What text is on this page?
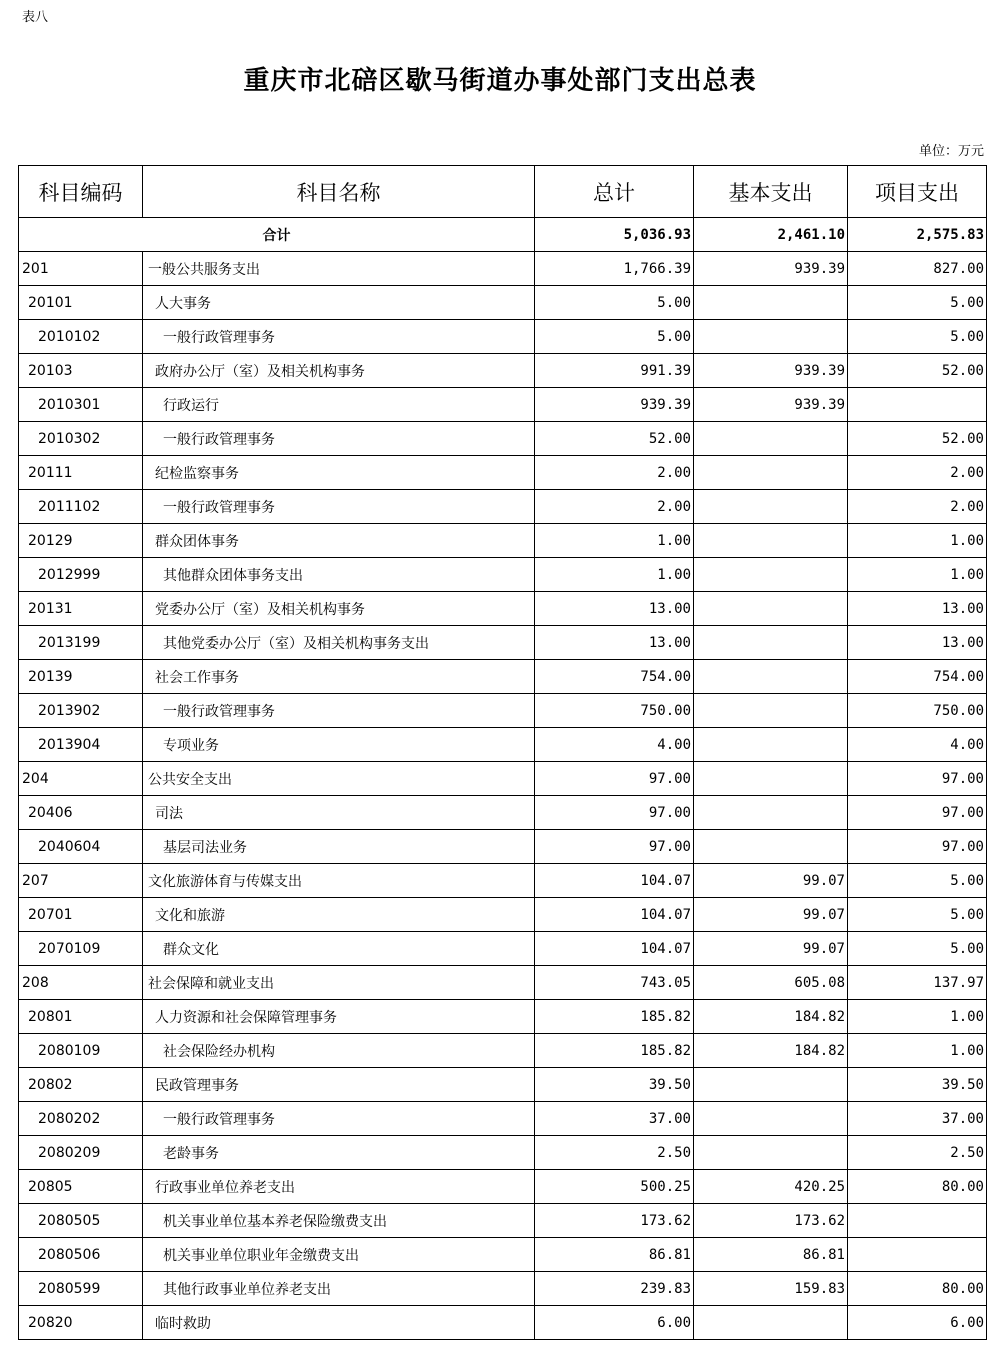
表八
重庆市北碚区歇马街道办事处部门支出总表
单位：万元
科目编码	科目名称	总计	基本支出	项目支出
合计		5,036.93	2,461.10	2,575.83
201	一般公共服务支出	1,766.39	939.39	827.00
20101	人大事务	5.00		5.00
2010102	一般行政管理事务	5.00		5.00
20103	政府办公厅（室）及相关机构事务	991.39	939.39	52.00
2010301	行政运行	939.39	939.39	
2010302	一般行政管理事务	52.00		52.00
20111	纪检监察事务	2.00		2.00
2011102	一般行政管理事务	2.00		2.00
20129	群众团体事务	1.00		1.00
2012999	其他群众团体事务支出	1.00		1.00
20131	党委办公厅（室）及相关机构事务	13.00		13.00
2013199	其他党委办公厅（室）及相关机构事务支出	13.00		13.00
20139	社会工作事务	754.00		754.00
2013902	一般行政管理事务	750.00		750.00
2013904	专项业务	4.00		4.00
204	公共安全支出	97.00		97.00
20406	司法	97.00		97.00
2040604	基层司法业务	97.00		97.00
207	文化旅游体育与传媒支出	104.07	99.07	5.00
20701	文化和旅游	104.07	99.07	5.00
2070109	群众文化	104.07	99.07	5.00
208	社会保障和就业支出	743.05	605.08	137.97
20801	人力资源和社会保障管理事务	185.82	184.82	1.00
2080109	社会保险经办机构	185.82	184.82	1.00
20802	民政管理事务	39.50		39.50
2080202	一般行政管理事务	37.00		37.00
2080209	老龄事务	2.50		2.50
20805	行政事业单位养老支出	500.25	420.25	80.00
2080505	机关事业单位基本养老保险缴费支出	173.62	173.62	
2080506	机关事业单位职业年金缴费支出	86.81	86.81	
2080599	其他行政事业单位养老支出	239.83	159.83	80.00
20820	临时救助	6.00		6.00
